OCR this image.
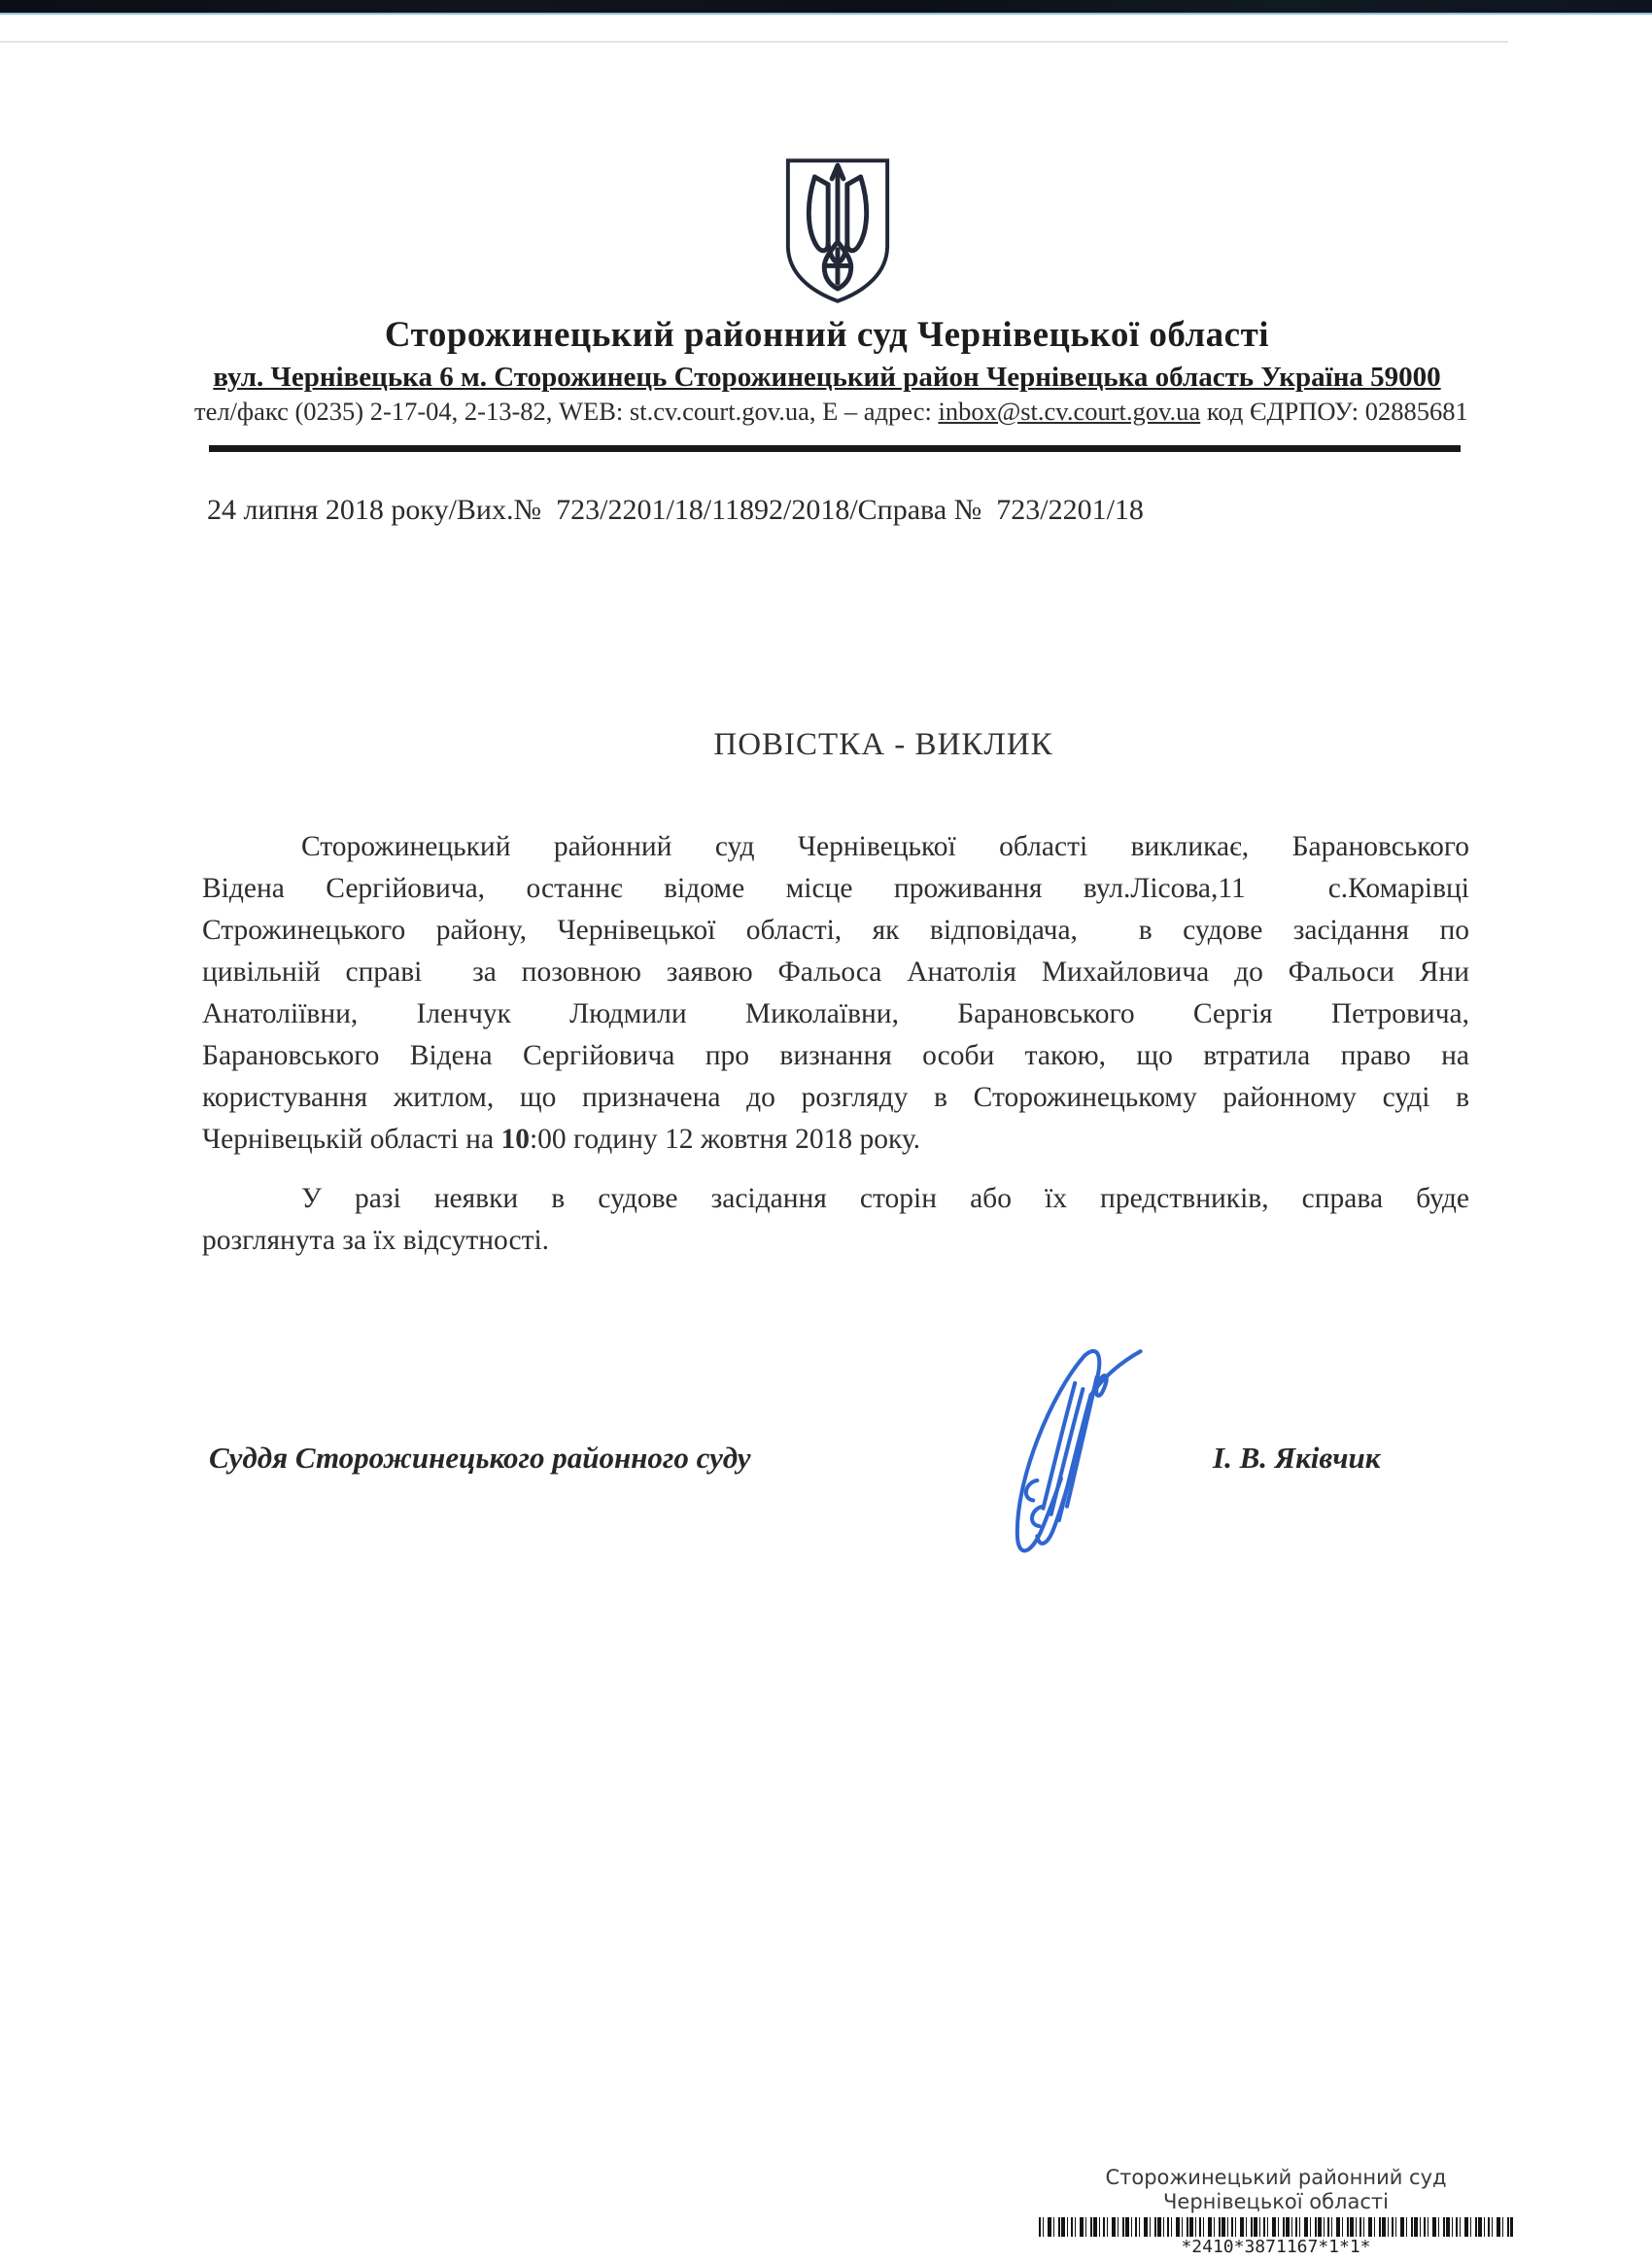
Сторожинецький районний суд Чернівецької області
вул. Чернівецька 6 м. Сторожинець Сторожинецький район Чернівецька область Україна 59000
тел/факс (0235) 2-17-04, 2-13-82, WEB: st.cv.court.gov.ua, Е – адрес: inbox@st.cv.court.gov.ua код ЄДРПОУ: 02885681
24 липня 2018 року/Вих.№  723/2201/18/11892/2018/Справа №  723/2201/18
ПОВІСТКА - ВИКЛИК
Сторожинецький районний суд Чернівецької області викликає, Барановського
Відена Сергійовича, останнє відоме місце проживання вул.Лісова,11  с.Комарівці
Строжинецького району, Чернівецької області, як відповідача,  в судове засідання по
цивільній справі  за позовною заявою Фальоса Анатолія Михайловича до Фальоси Яни
Анатоліївни, Іленчук Людмили Миколаївни, Барановського Сергія Петровича,
Барановського Відена Сергійовича про визнання особи такою, що втратила право на
користування житлом, що призначена до розгляду в Сторожинецькому районному суді в
Чернівецькій області на 10:00 годину 12 жовтня 2018 року.
У разі неявки в судове засідання сторін або їх предствників, справа буде
розглянута за їх відсутності.
Суддя Сторожинецького районного суду	І. В. Яківчик
Сторожинецький районний суд
Чернівецької області
*2410*3871167*1*1*
